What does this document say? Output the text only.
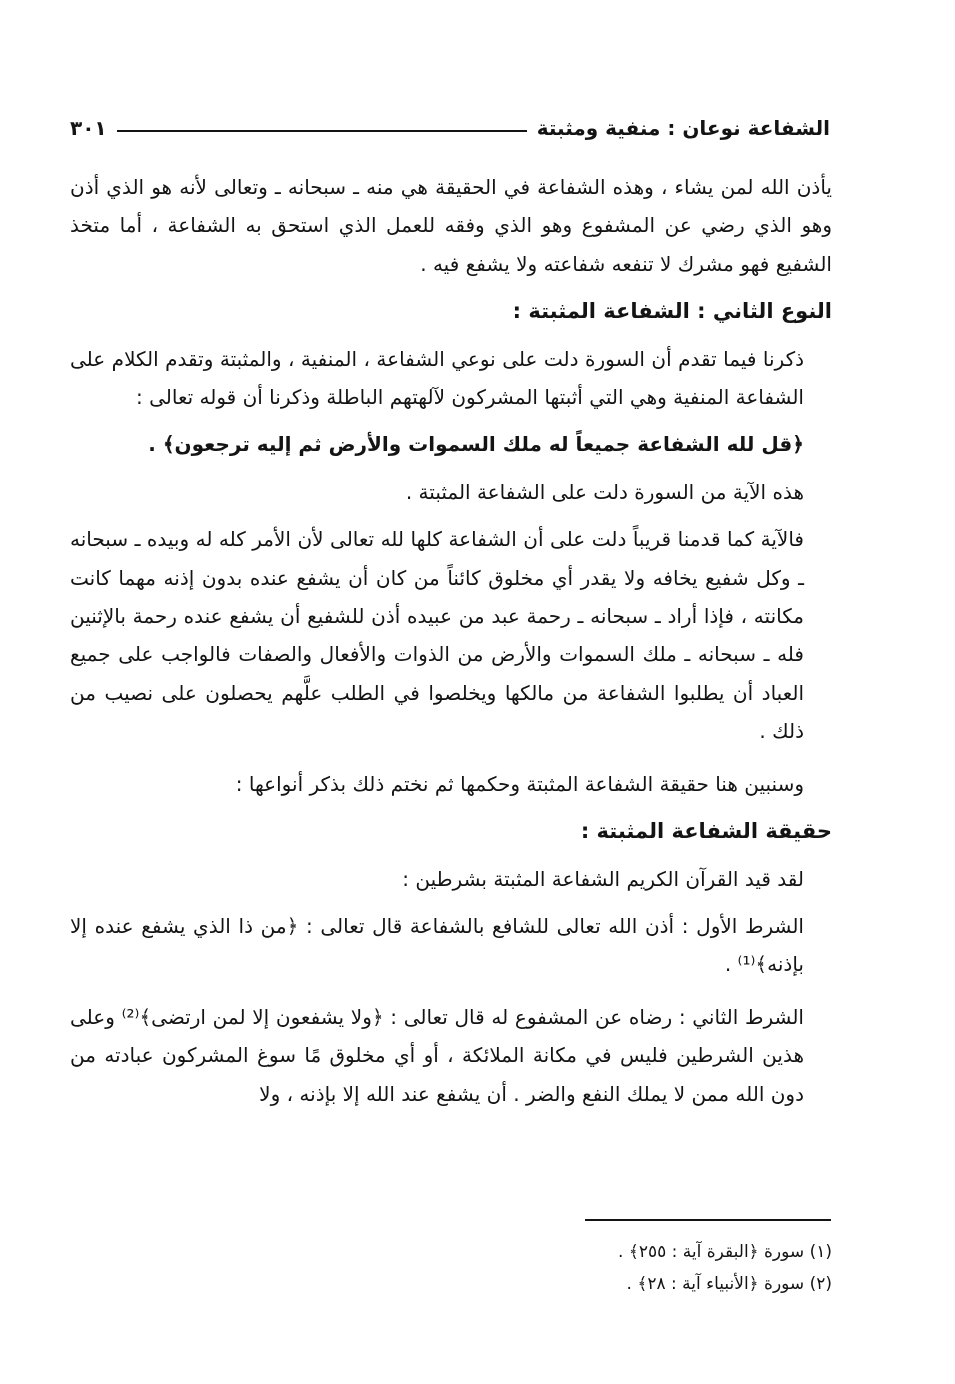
الشفاعة نوعان : منفية ومثبتة
٣٠١

يأذن الله لمن يشاء ، وهذه الشفاعة في الحقيقة هي منه ـ سبحانه ـ وتعالى لأنه هو الذي أذن وهو الذي رضي عن المشفوع وهو الذي وفقه للعمل الذي استحق به الشفاعة ، أما متخذ الشفيع فهو مشرك لا تنفعه شفاعته ولا يشفع فيه .

النوع الثاني : الشفاعة المثبتة :

ذكرنا فيما تقدم أن السورة دلت على نوعي الشفاعة ، المنفية ، والمثبتة وتقدم الكلام على الشفاعة المنفية وهي التي أثبتها المشركون لآلهتهم الباطلة وذكرنا أن قوله تعالى :

﴿قل لله الشفاعة جميعاً له ملك السموات والأرض ثم إليه ترجعون﴾ .

هذه الآية من السورة دلت على الشفاعة المثبتة .

فالآية كما قدمنا قريباً دلت على أن الشفاعة كلها لله تعالى لأن الأمر كله له وبيده ـ سبحانه ـ وكل شفيع يخافه ولا يقدر أي مخلوق كائناً من كان أن يشفع عنده بدون إذنه مهما كانت مكانته ، فإذا أراد ـ سبحانه ـ رحمة عبد من عبيده أذن للشفيع أن يشفع عنده رحمة بالإثنين فله ـ سبحانه ـ ملك السموات والأرض من الذوات والأفعال والصفات فالواجب على جميع العباد أن يطلبوا الشفاعة من مالكها ويخلصوا في الطلب علَّهم يحصلون على نصيب من ذلك .

وسنبين هنا حقيقة الشفاعة المثبتة وحكمها ثم نختم ذلك بذكر أنواعها :

حقيقة الشفاعة المثبتة :

لقد قيد القرآن الكريم الشفاعة المثبتة بشرطين :

الشرط الأول : أذن الله تعالى للشافع بالشفاعة قال تعالى : ﴿من ذا الذي يشفع عنده إلا بإذنه﴾⁽¹⁾ .

الشرط الثاني : رضاه عن المشفوع له قال تعالى : ﴿ولا يشفعون إلا لمن ارتضى﴾⁽²⁾ وعلى هذين الشرطين فليس في مكانة الملائكة ، أو أي مخلوق مًا سوغ المشركون عبادته من دون الله ممن لا يملك النفع والضر . أن يشفع عند الله إلا بإذنه ، ولا

(١) سورة ﴿البقرة آية : ٢٥٥﴾ .

(٢) سورة ﴿الأنبياء آية : ٢٨﴾ .
